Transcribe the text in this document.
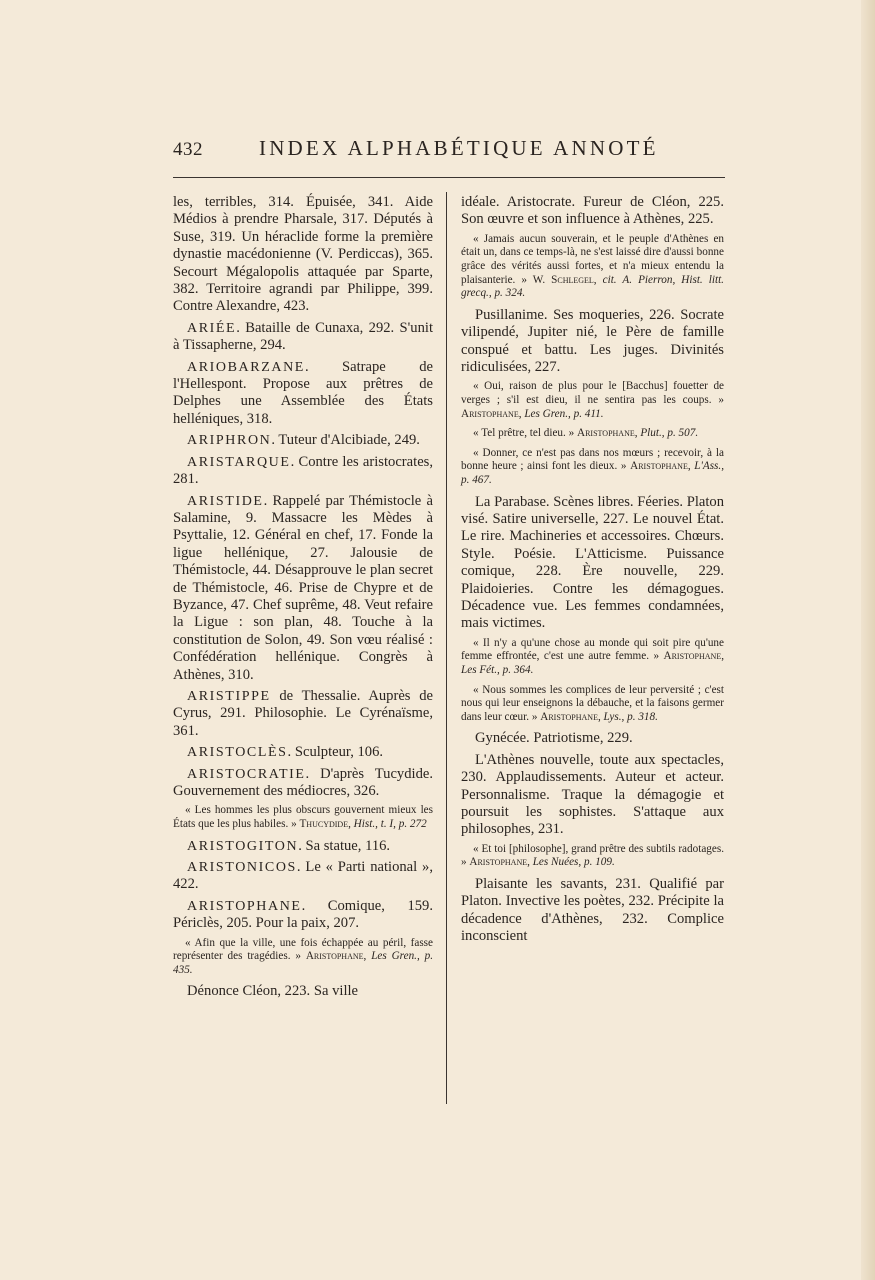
432	INDEX ALPHABÉTIQUE ANNOTÉ
les, terribles, 314. Épuisée, 341. Aide Médios à prendre Pharsale, 317. Députés à Suse, 319. Un héraclide forme la première dynastie macédonienne (V. Perdiccas), 365. Secourt Mégalopolis attaquée par Sparte, 382. Territoire agrandi par Philippe, 399. Contre Alexandre, 423.
ARIÉE. Bataille de Cunaxa, 292. S'unit à Tissapherne, 294.
ARIOBARZANE. Satrape de l'Hellespont. Propose aux prêtres de Delphes une Assemblée des États helléniques, 318.
ARIPHRON. Tuteur d'Alcibiade, 249.
ARISTARQUE. Contre les aristocrates, 281.
ARISTIDE. Rappelé par Thémistocle à Salamine, 9. Massacre les Mèdes à Psyttalie, 12. Général en chef, 17. Fonde la ligue hellénique, 27. Jalousie de Thémistocle, 44. Désapprouve le plan secret de Thémistocle, 46. Prise de Chypre et de Byzance, 47. Chef suprême, 48. Veut refaire la Ligue : son plan, 48. Touche à la constitution de Solon, 49. Son vœu réalisé : Confédération hellénique. Congrès à Athènes, 310.
ARISTIPPE de Thessalie. Auprès de Cyrus, 291. Philosophie. Le Cyrénaïsme, 361.
ARISTOCLÈS. Sculpteur, 106.
ARISTOCRATIE. D'après Tucydide. Gouvernement des médiocres, 326.
« Les hommes les plus obscurs gouvernent mieux les États que les plus habiles. » Thucydide, Hist., t. I, p. 272
ARISTOGITON. Sa statue, 116.
ARISTONICOS. Le « Parti national », 422.
ARISTOPHANE. Comique, 159. Périclès, 205. Pour la paix, 207.
« Afin que la ville, une fois échappée au péril, fasse représenter des tragédies. » Aristophane, Les Gren., p. 435.
Dénonce Cléon, 223. Sa ville
idéale. Aristocrate. Fureur de Cléon, 225. Son œuvre et son influence à Athènes, 225.
« Jamais aucun souverain, et le peuple d'Athènes en était un, dans ce temps-là, ne s'est laissé dire d'aussi bonne grâce des vérités aussi fortes, et n'a mieux entendu la plaisanterie. » W. Schlegel, cit. A. Pierron, Hist. litt. grecq., p. 324.
Pusillanime. Ses moqueries, 226. Socrate vilipendé, Jupiter nié, le Père de famille conspué et battu. Les juges. Divinités ridiculisées, 227.
« Oui, raison de plus pour le [Bacchus] fouetter de verges ; s'il est dieu, il ne sentira pas les coups. » Aristophane, Les Gren., p. 411.
« Tel prêtre, tel dieu. » Aristophane, Plut., p. 507.
« Donner, ce n'est pas dans nos mœurs ; recevoir, à la bonne heure ; ainsi font les dieux. » Aristophane, L'Ass., p. 467.
La Parabase. Scènes libres. Féeries. Platon visé. Satire universelle, 227. Le nouvel État. Le rire. Machineries et accessoires. Chœurs. Style. Poésie. L'Atticisme. Puissance comique, 228. Ère nouvelle, 229. Plaidoieries. Contre les démagogues. Décadence vue. Les femmes condamnées, mais victimes.
« Il n'y a qu'une chose au monde qui soit pire qu'une femme effrontée, c'est une autre femme. » Aristophane, Les Fét., p. 364.
« Nous sommes les complices de leur perversité ; c'est nous qui leur enseignons la débauche, et la faisons germer dans leur cœur. » Aristophane, Lys., p. 318.
Gynécée. Patriotisme, 229.
L'Athènes nouvelle, toute aux spectacles, 230. Applaudissements. Auteur et acteur. Personnalisme. Traque la démagogie et poursuit les sophistes. S'attaque aux philosophes, 231.
« Et toi [philosophe], grand prêtre des subtils radotages. » Aristophane, Les Nuées, p. 109.
Plaisante les savants, 231. Qualifié par Platon. Invective les poètes, 232. Précipite la décadence d'Athènes, 232. Complice inconscient
